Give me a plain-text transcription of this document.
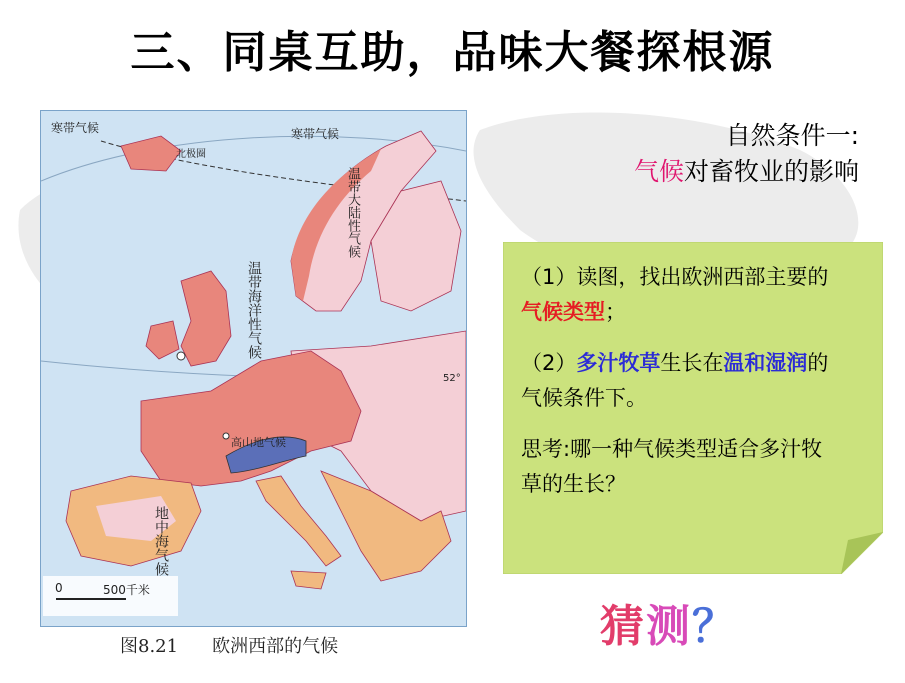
三、同桌互助，品味大餐探根源
寒带气候	寒带气候
北极圈
温带大陆性气候
温带海洋性气候
高山地气候
地中海气候
52°
0	500千米
图8.21 欧洲西部的气候
自然条件一:
气候对畜牧业的影响

（1）读图，找出欧洲西部主要的气候类型；

（2）多汁牧草生长在温和湿润的气候条件下。

思考:哪一种气候类型适合多汁牧草的生长？

猜测？
